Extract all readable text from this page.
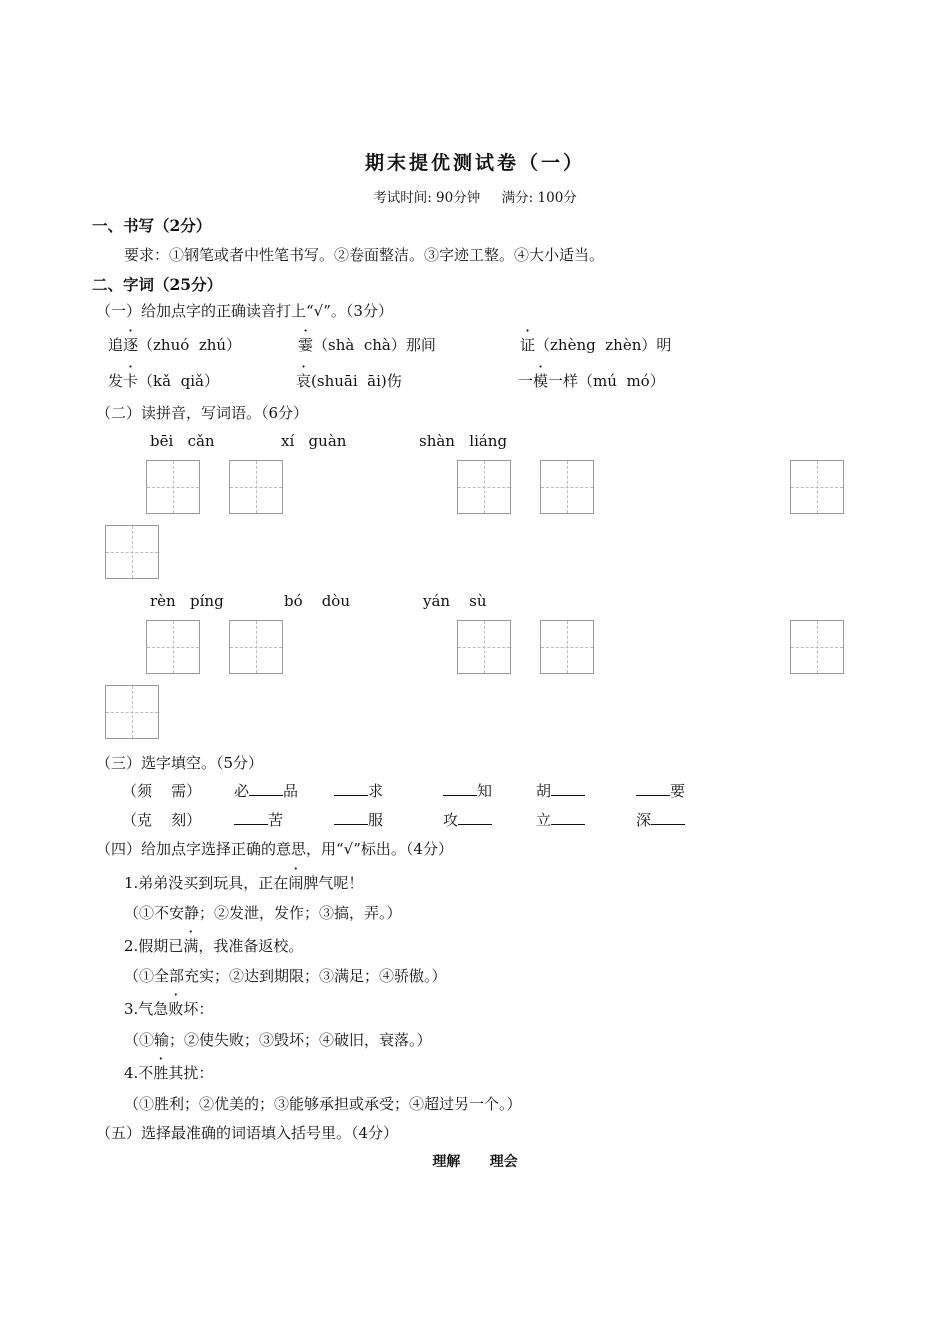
期末提优测试卷（一）
考试时间: 90分钟     满分: 100分
一、书写（2分）
要求：①钢笔或者中性笔书写。②卷面整洁。③字迹工整。④大小适当。
二、字词（25分）
（一）给加点字的正确读音打上“√”。（3分）
追逐（zhuó  zhú）	霎（shà  chà）那间	证（zhèng  zhèn）明
发卡（kǎ  qiǎ）	哀(shuāi  āi)伤	一模一样（mú  mó）
（二）读拼音，写词语。（6分）
bēi   cǎn	xí   guàn	shàn   liáng
rèn   píng	bó    dòu	yán    sù
（三）选字填空。（5分）
（须    需） 必 品	求	知	胡	要
（克    刻）	苦	服	攻	立	深
（四）给加点字选择正确的意思，用“√”标出。（4分）
1.弟弟没买到玩具，正在闹脾气呢！
（①不安静；②发泄，发作；③搞，弄。）
2.假期已满，我准备返校。
（①全部充实；②达到期限；③满足；④骄傲。）
3.气急败坏：
（①输；②使失败；③毁坏；④破旧，衰落。）
4.不胜其扰：
（①胜利；②优美的；③能够承担或承受；④超过另一个。）
（五）选择最准确的词语填入括号里。（4分）
理解      理会
